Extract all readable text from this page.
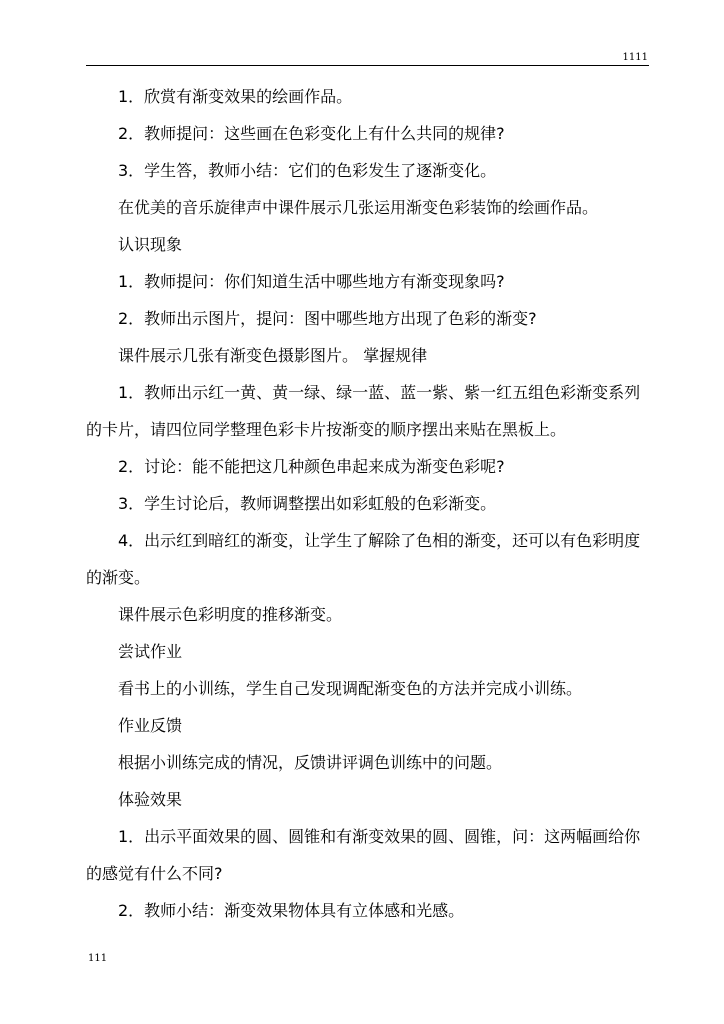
1111

1．欣赏有渐变效果的绘画作品。

2．教师提问：这些画在色彩变化上有什么共同的规律?

3．学生答，教师小结：它们的色彩发生了逐渐变化。

在优美的音乐旋律声中课件展示几张运用渐变色彩装饰的绘画作品。

认识现象

1．教师提问：你们知道生活中哪些地方有渐变现象吗?

2．教师出示图片，提问：图中哪些地方出现了色彩的渐变?

课件展示几张有渐变色摄影图片。 掌握规律

1．教师出示红一黄、黄一绿、绿一蓝、蓝一紫、紫一红五组色彩渐变系列的卡片，请四位同学整理色彩卡片按渐变的顺序摆出来贴在黑板上。

2．讨论：能不能把这几种颜色串起来成为渐变色彩呢?

3．学生讨论后，教师调整摆出如彩虹般的色彩渐变。

4．出示红到暗红的渐变，让学生了解除了色相的渐变，还可以有色彩明度的渐变。

课件展示色彩明度的推移渐变。

尝试作业

看书上的小训练，学生自己发现调配渐变色的方法并完成小训练。

作业反馈

根据小训练完成的情况，反馈讲评调色训练中的问题。

体验效果

1．出示平面效果的圆、圆锥和有渐变效果的圆、圆锥，问：这两幅画给你的感觉有什么不同?

2．教师小结：渐变效果物体具有立体感和光感。

111
